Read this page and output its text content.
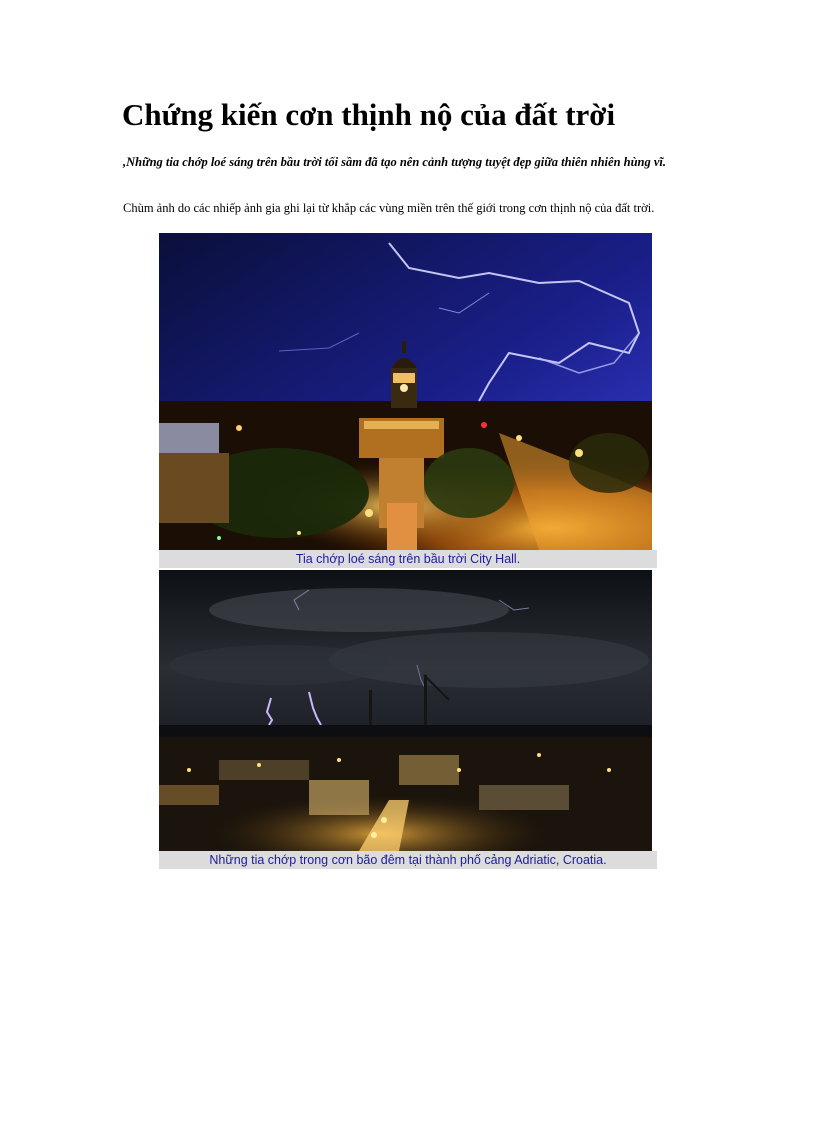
Chứng kiến cơn thịnh nộ của đất trời

,Những tia chớp loé sáng trên bầu trời tối sầm đã tạo nên cảnh tượng tuyệt đẹp giữa thiên nhiên hùng vĩ.

Chùm ảnh do các nhiếp ảnh gia ghi lại từ khắp các vùng miền trên thế giới trong cơn thịnh nộ của đất trời.

Tia chớp loé sáng trên bầu trời City Hall.
Những tia chớp trong cơn bão đêm tại thành phố cảng Adriatic, Croatia.
